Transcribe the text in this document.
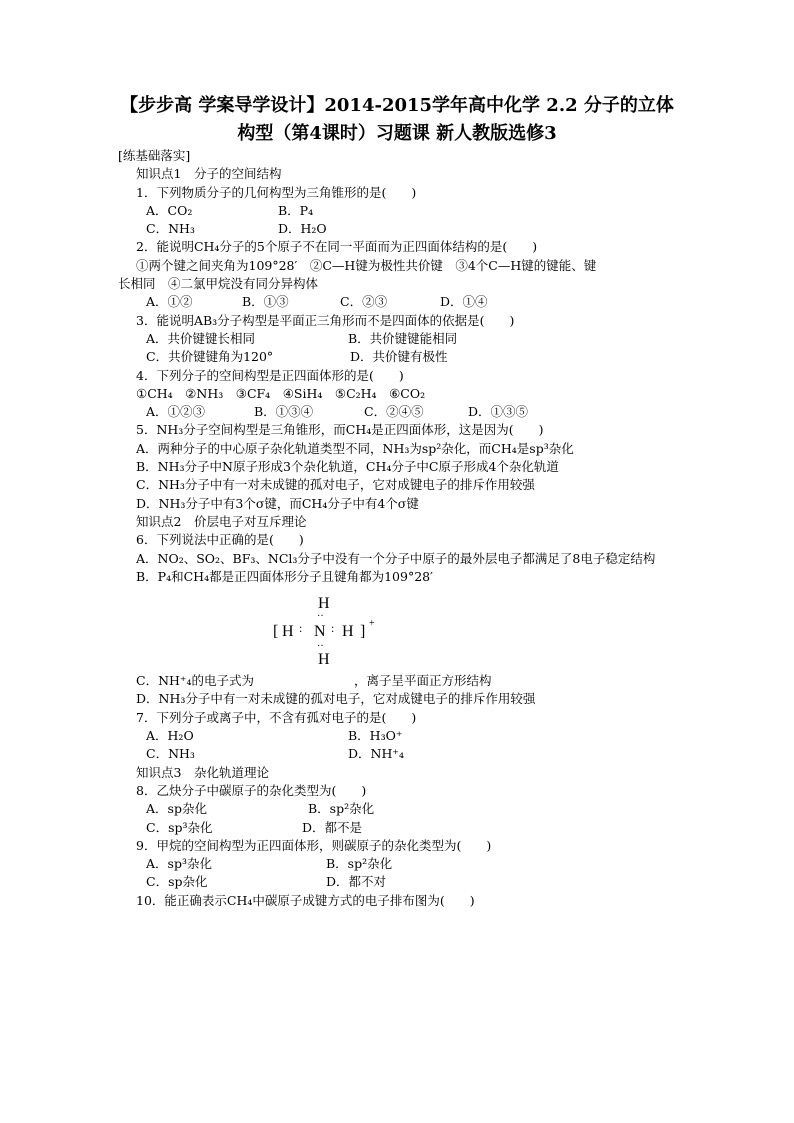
【步步高 学案导学设计】2014-2015学年高中化学 2.2 分子的立体
构型（第4课时）习题课 新人教版选修3
[练基础落实]
知识点1　分子的空间结构
1．下列物质分子的几何构型为三角锥形的是(　　)
A．CO₂	B．P₄
C．NH₃	D．H₂O
2．能说明CH₄分子的5个原子不在同一平面而为正四面体结构的是(　　)
①两个键之间夹角为109°28′　②C—H键为极性共价键　③4个C—H键的键能、键
长相同　④二氯甲烷没有同分异构体
A．①②	B．①③	C．②③	D．①④
3．能说明AB₃分子构型是平面正三角形而不是四面体的依据是(　　)
A．共价键键长相同	B．共价键键能相同
C．共价键键角为120°	D．共价键有极性
4．下列分子的空间构型是正四面体形的是(　　)
①CH₄　②NH₃　③CF₄　④SiH₄　⑤C₂H₄　⑥CO₂
A．①②③	B．①③④	C．②④⑤	D．①③⑤
5．NH₃分子空间构型是三角锥形，而CH₄是正四面体形，这是因为(　　)
A．两种分子的中心原子杂化轨道类型不同，NH₃为sp²杂化，而CH₄是sp³杂化
B．NH₃分子中N原子形成3个杂化轨道，CH₄分子中C原子形成4个杂化轨道
C．NH₃分子中有一对未成键的孤对电子，它对成键电子的排斥作用较强
D．NH₃分子中有3个σ键，而CH₄分子中有4个σ键
知识点2　价层电子对互斥理论
6．下列说法中正确的是(　　)
A．NO₂、SO₂、BF₃、NCl₃分子中没有一个分子中原子的最外层电子都满足了8电子稳定结构
B．P₄和CH₄都是正四面体形分子且键角都为109°28′
H
··
[ H : N : H ] +
··
H
C．NH⁺₄的电子式为　　　　　　　　，离子呈平面正方形结构
D．NH₃分子中有一对未成键的孤对电子，它对成键电子的排斥作用较强
7．下列分子或离子中，不含有孤对电子的是(　　)
A．H₂O	B．H₃O⁺
C．NH₃	D．NH⁺₄
知识点3　杂化轨道理论
8．乙炔分子中碳原子的杂化类型为(　　)
A．sp杂化	B．sp²杂化
C．sp³杂化	D．都不是
9．甲烷的空间构型为正四面体形，则碳原子的杂化类型为(　　)
A．sp³杂化	B．sp²杂化
C．sp杂化	D．都不对
10．能正确表示CH₄中碳原子成键方式的电子排布图为(　　)
